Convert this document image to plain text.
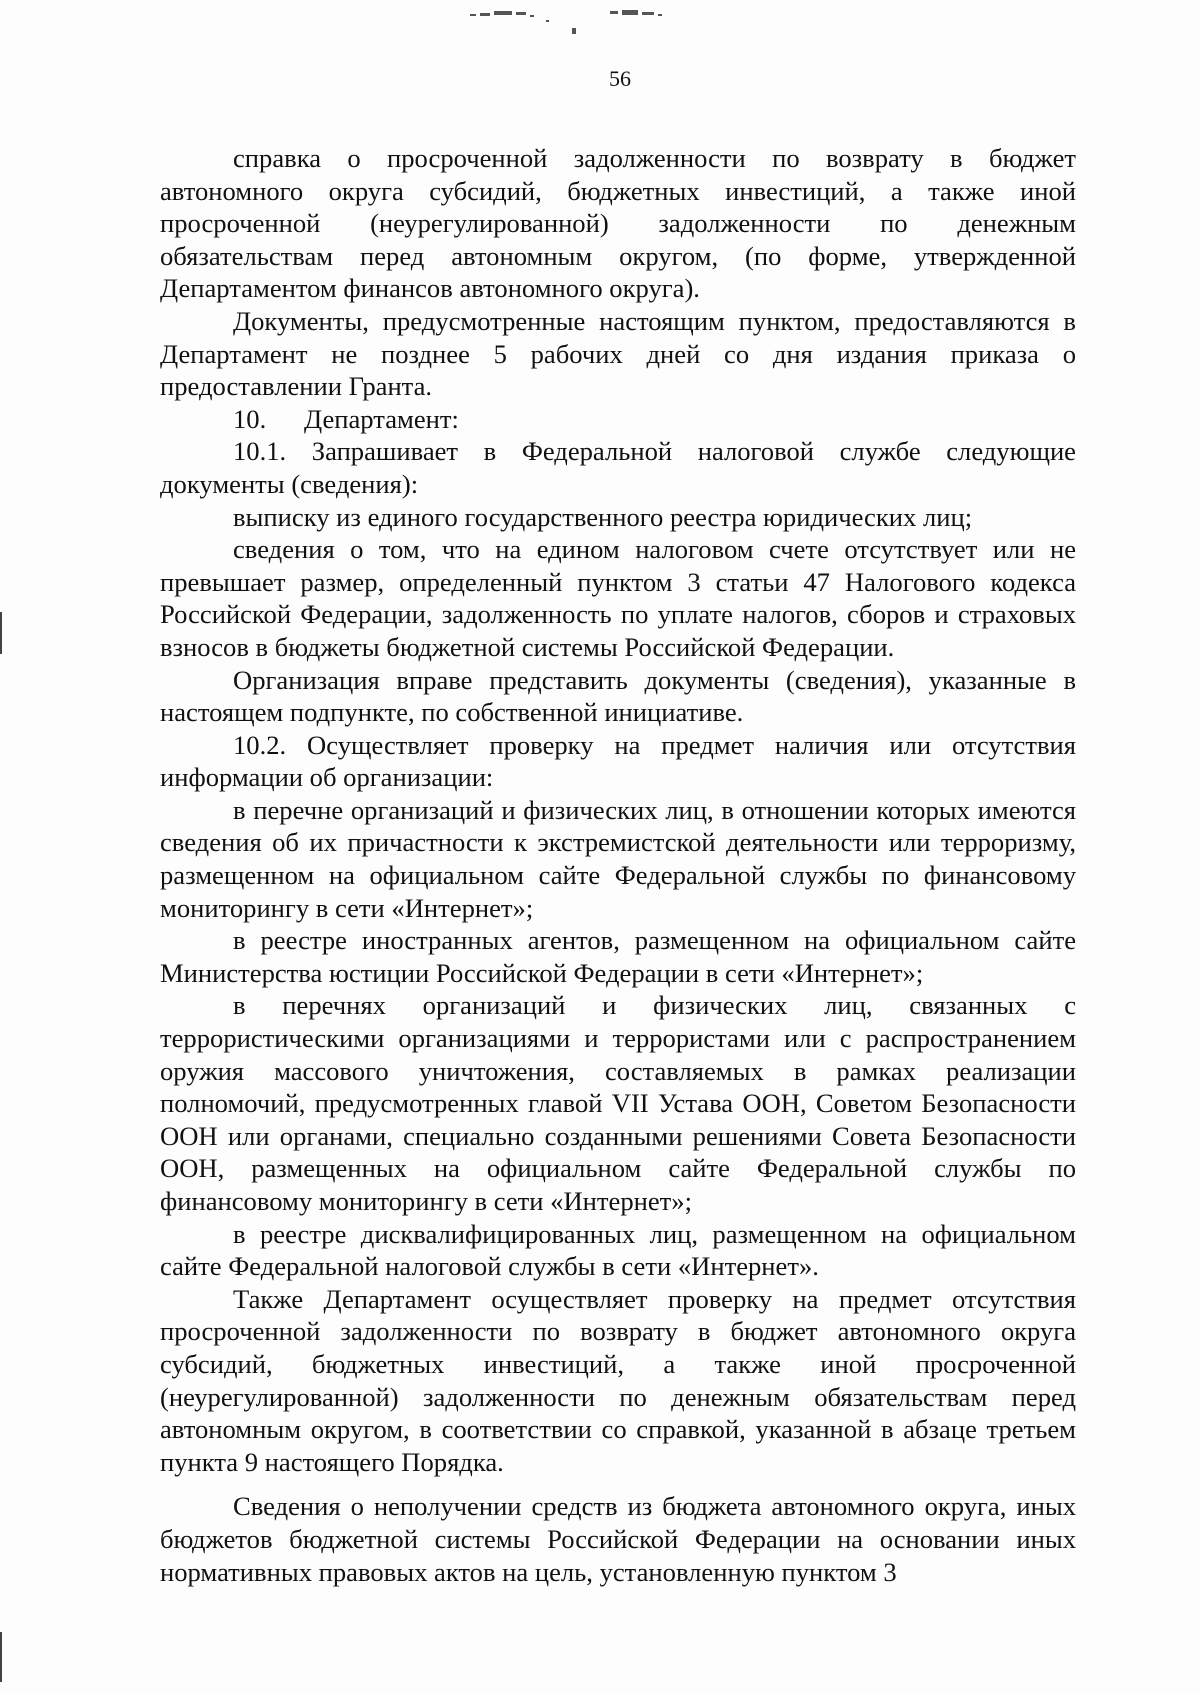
56

справка о просроченной задолженности по возврату в бюджет автономного округа субсидий, бюджетных инвестиций, а также иной просроченной (неурегулированной) задолженности по денежным обязательствам перед автономным округом, (по форме, утвержденной Департаментом финансов автономного округа).

Документы, предусмотренные настоящим пунктом, предоставляются в Департамент не позднее 5 рабочих дней со дня издания приказа о предоставлении Гранта.

10. Департамент:

10.1. Запрашивает в Федеральной налоговой службе следующие документы (сведения):

выписку из единого государственного реестра юридических лиц;

сведения о том, что на едином налоговом счете отсутствует или не превышает размер, определенный пунктом 3 статьи 47 Налогового кодекса Российской Федерации, задолженность по уплате налогов, сборов и страховых взносов в бюджеты бюджетной системы Российской Федерации.

Организация вправе представить документы (сведения), указанные в настоящем подпункте, по собственной инициативе.

10.2. Осуществляет проверку на предмет наличия или отсутствия информации об организации:

в перечне организаций и физических лиц, в отношении которых имеются сведения об их причастности к экстремистской деятельности или терроризму, размещенном на официальном сайте Федеральной службы по финансовому мониторингу в сети «Интернет»;

в реестре иностранных агентов, размещенном на официальном сайте Министерства юстиции Российской Федерации в сети «Интернет»;

в перечнях организаций и физических лиц, связанных с террористическими организациями и террористами или с распространением оружия массового уничтожения, составляемых в рамках реализации полномочий, предусмотренных главой VII Устава ООН, Советом Безопасности ООН или органами, специально созданными решениями Совета Безопасности ООН, размещенных на официальном сайте Федеральной службы по финансовому мониторингу в сети «Интернет»;

в реестре дисквалифицированных лиц, размещенном на официальном сайте Федеральной налоговой службы в сети «Интернет».

Также Департамент осуществляет проверку на предмет отсутствия просроченной задолженности по возврату в бюджет автономного округа субсидий, бюджетных инвестиций, а также иной просроченной (неурегулированной) задолженности по денежным обязательствам перед автономным округом, в соответствии со справкой, указанной в абзаце третьем пункта 9 настоящего Порядка.

Сведения о неполучении средств из бюджета автономного округа, иных бюджетов бюджетной системы Российской Федерации на основании иных нормативных правовых актов на цель, установленную пунктом 3
